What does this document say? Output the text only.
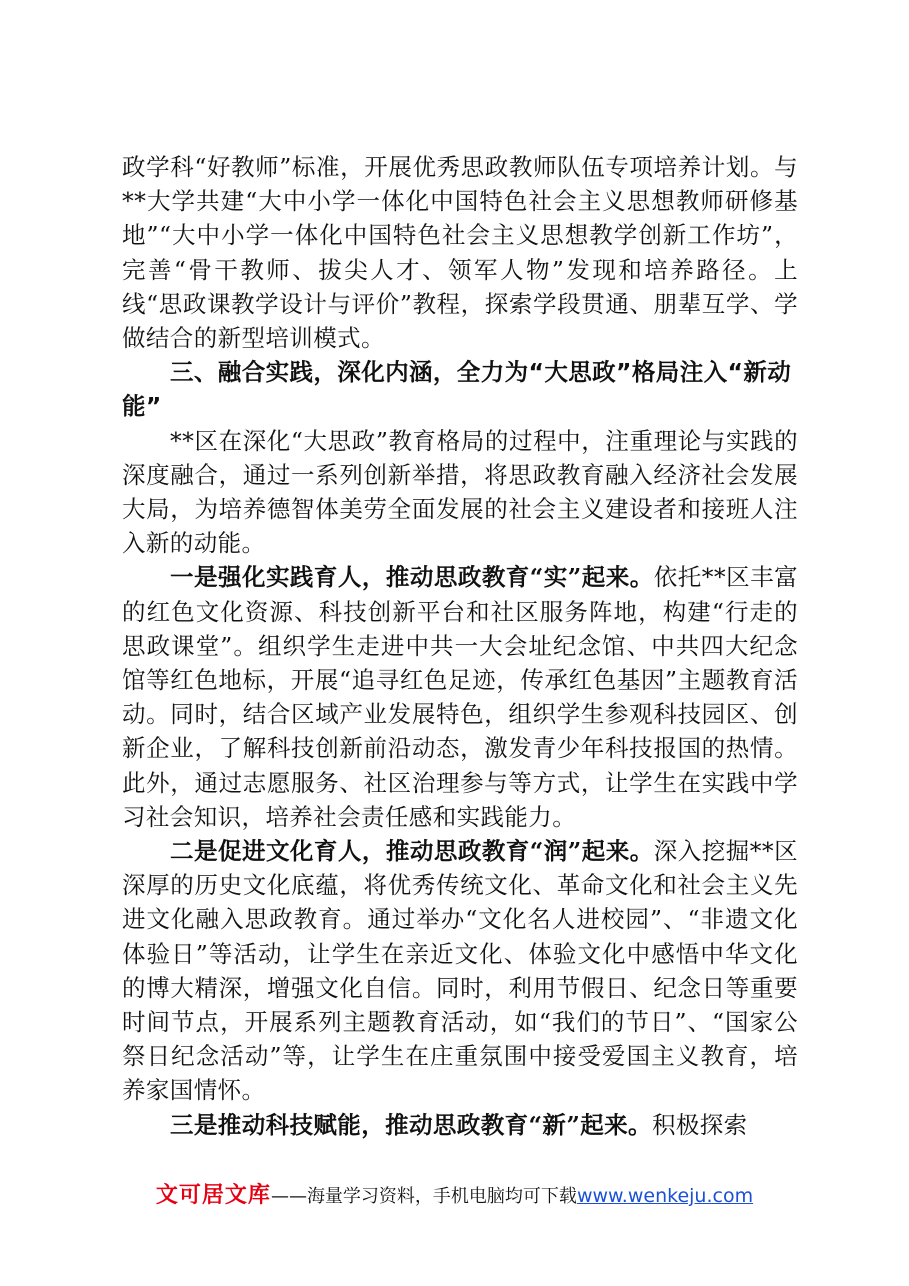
政学科“好教师”标准，开展优秀思政教师队伍专项培养计划。与**大学共建“大中小学一体化中国特色社会主义思想教师研修基地”“大中小学一体化中国特色社会主义思想教学创新工作坊”，完善“骨干教师、拔尖人才、领军人物”发现和培养路径。上线“思政课教学设计与评价”教程，探索学段贯通、朋辈互学、学做结合的新型培训模式。

三、融合实践，深化内涵，全力为“大思政”格局注入“新动能”

**区在深化“大思政”教育格局的过程中，注重理论与实践的深度融合，通过一系列创新举措，将思政教育融入经济社会发展大局，为培养德智体美劳全面发展的社会主义建设者和接班人注入新的动能。

一是强化实践育人，推动思政教育“实”起来。依托**区丰富的红色文化资源、科技创新平台和社区服务阵地，构建“行走的思政课堂”。组织学生走进中共一大会址纪念馆、中共四大纪念馆等红色地标，开展“追寻红色足迹，传承红色基因”主题教育活动。同时，结合区域产业发展特色，组织学生参观科技园区、创新企业，了解科技创新前沿动态，激发青少年科技报国的热情。此外，通过志愿服务、社区治理参与等方式，让学生在实践中学习社会知识，培养社会责任感和实践能力。

二是促进文化育人，推动思政教育“润”起来。深入挖掘**区深厚的历史文化底蕴，将优秀传统文化、革命文化和社会主义先进文化融入思政教育。通过举办“文化名人进校园”、“非遗文化体验日”等活动，让学生在亲近文化、体验文化中感悟中华文化的博大精深，增强文化自信。同时，利用节假日、纪念日等重要时间节点，开展系列主题教育活动，如“我们的节日”、“国家公祭日纪念活动”等，让学生在庄重氛围中接受爱国主义教育，培养家国情怀。

三是推动科技赋能，推动思政教育“新”起来。积极探索

文可居文库——海量学习资料，手机电脑均可下载www.wenkeju.com
